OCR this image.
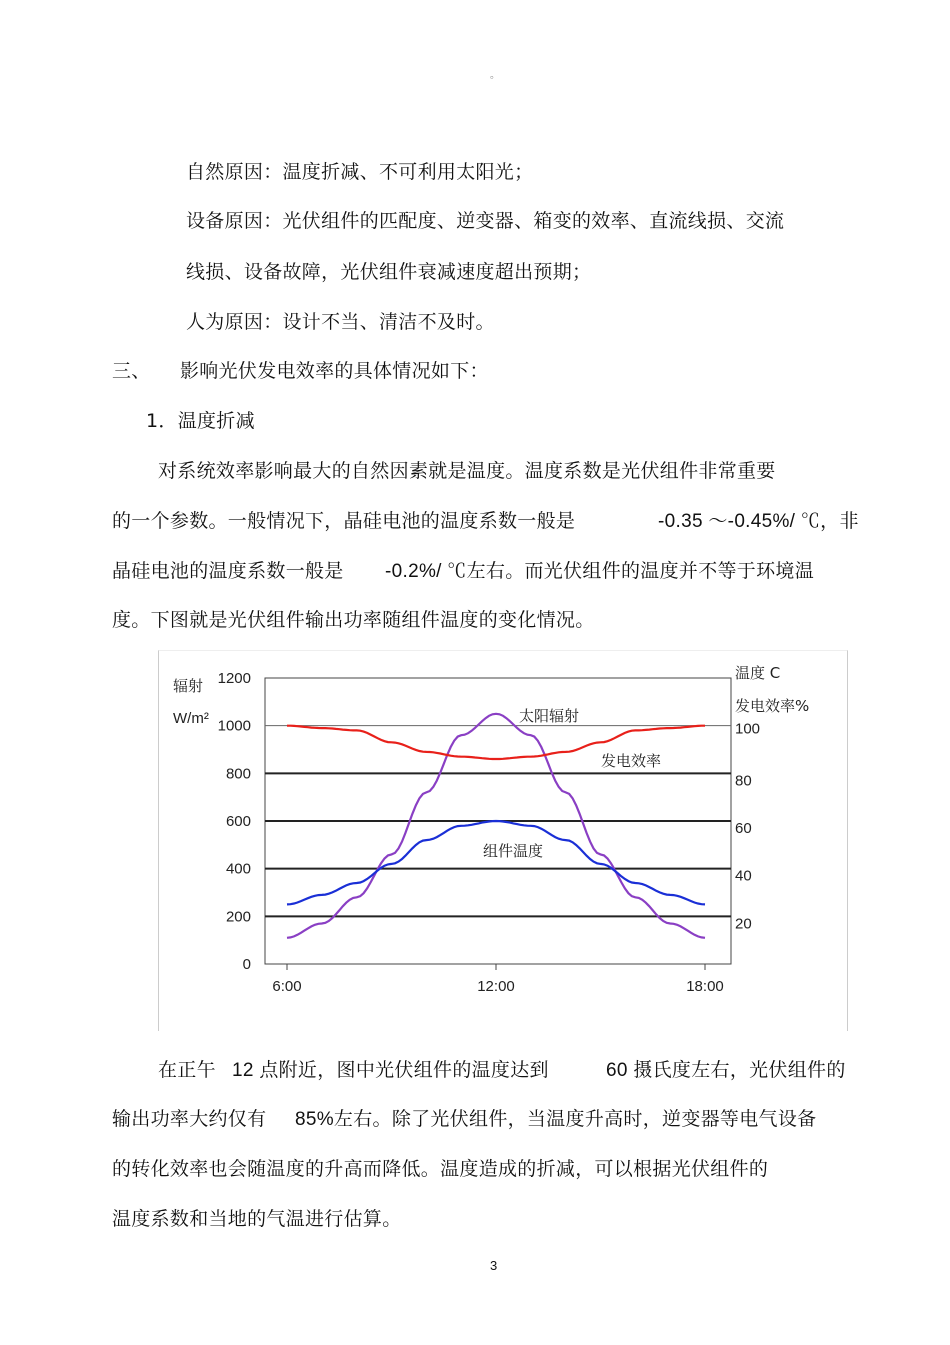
。
自然原因：温度折减、不可利用太阳光；
设备原因：光伏组件的匹配度、逆变器、箱变的效率、直流线损、交流
线损、设备故障，光伏组件衰减速度超出预期；
人为原因：设计不当、清洁不及时。
三、 影响光伏发电效率的具体情况如下：
1．温度折减
对系统效率影响最大的自然因素就是温度。温度系数是光伏组件非常重要
的一个参数。一般情况下，晶硅电池的温度系数一般是	-0.35 ～-0.45%/ ℃，非
晶硅电池的温度系数一般是 -0.2%/ ℃左右。而光伏组件的温度并不等于环境温
度。下图就是光伏组件输出功率随组件温度的变化情况。
0
200
400
600
800
1000
1200
20
40
60
80
100
辐射
W/m²
温度 C
发电效率%
6:00	12:00	18:00
太阳辐射
组件温度
发电效率
在正午 12 点附近，图中光伏组件的温度达到	60 摄氏度左右，光伏组件的
输出功率大约仅有 85%左右。除了光伏组件，当温度升高时，逆变器等电气设备
的转化效率也会随温度的升高而降低。温度造成的折减，可以根据光伏组件的
温度系数和当地的气温进行估算。
3
